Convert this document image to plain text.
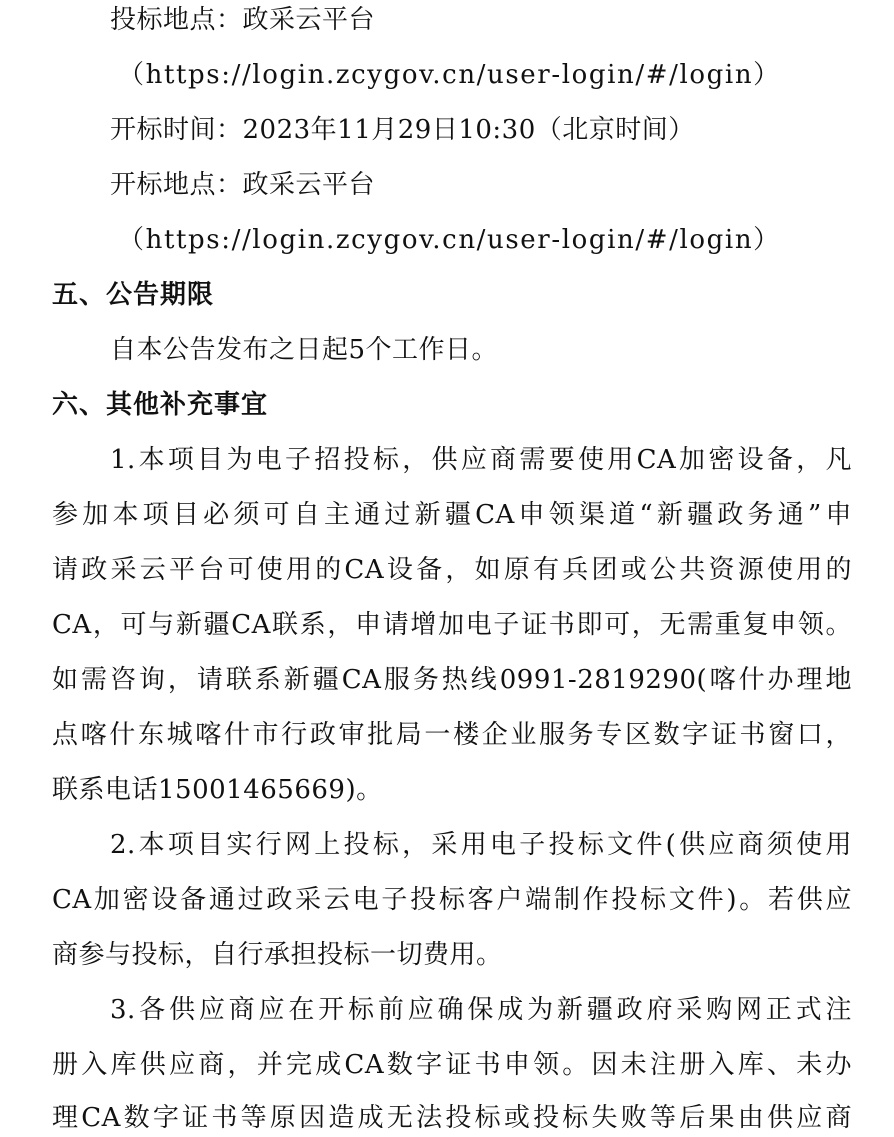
投标地点：政采云平台
（https://login.zcygov.cn/user-login/#/login）
开标时间：2023年11月29日10:30（北京时间）
开标地点：政采云平台
（https://login.zcygov.cn/user-login/#/login）
五、公告期限
自本公告发布之日起5个工作日。
六、其他补充事宜
1.本项目为电子招投标，供应商需要使用CA加密设备，凡
参加本项目必须可自主通过新疆CA申领渠道“新疆政务通”申
请政采云平台可使用的CA设备，如原有兵团或公共资源使用的
CA，可与新疆CA联系，申请增加电子证书即可，无需重复申领。
如需咨询，请联系新疆CA服务热线0991-2819290(喀什办理地
点喀什东城喀什市行政审批局一楼企业服务专区数字证书窗口，
联系电话15001465669)。
2.本项目实行网上投标，采用电子投标文件(供应商须使用
CA加密设备通过政采云电子投标客户端制作投标文件)。若供应
商参与投标，自行承担投标一切费用。
3.各供应商应在开标前应确保成为新疆政府采购网正式注
册入库供应商，并完成CA数字证书申领。因未注册入库、未办
理CA数字证书等原因造成无法投标或投标失败等后果由供应商
